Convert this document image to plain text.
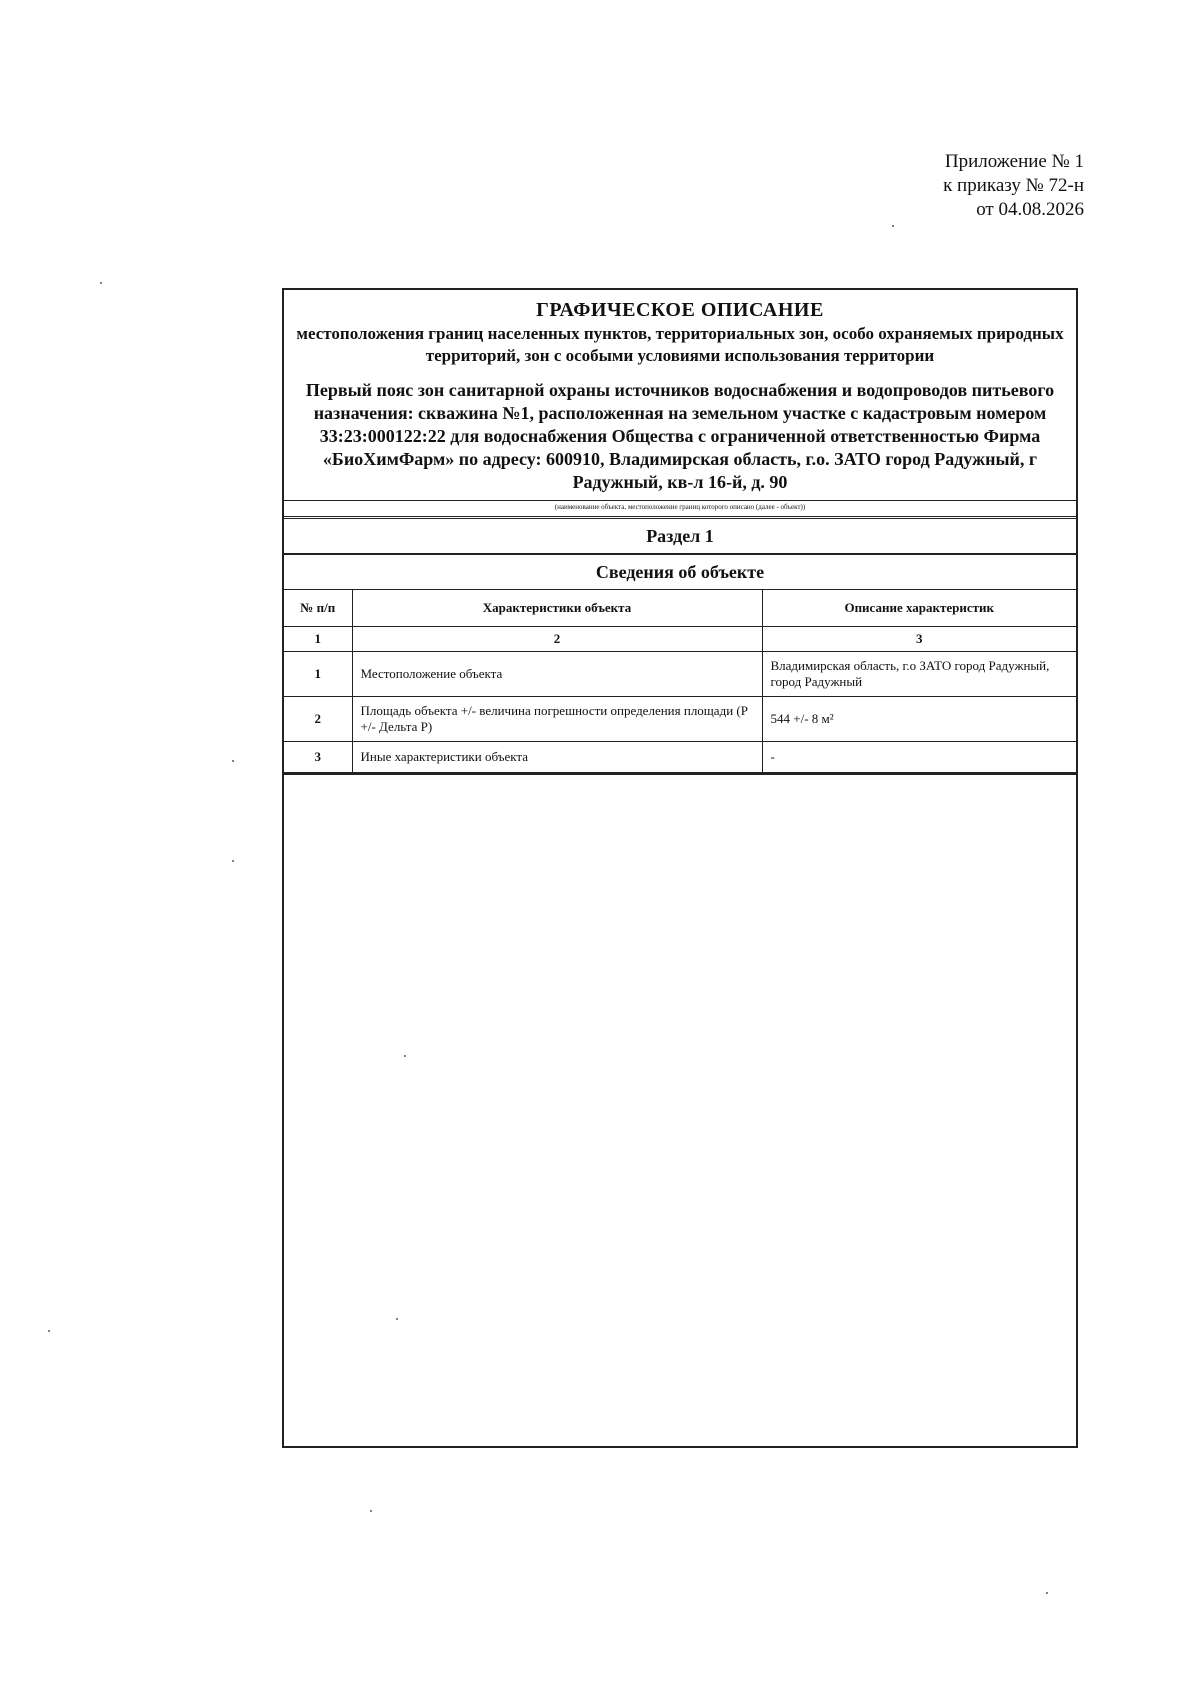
Приложение № 1
к приказу № 72-н
от 04.08.2026
ГРАФИЧЕСКОЕ ОПИСАНИЕ
местоположения границ населенных пунктов, территориальных зон, особо охраняемых природных территорий, зон с особыми условиями использования территории
Первый пояс зон санитарной охраны источников водоснабжения и водопроводов питьевого назначения: скважина №1, расположенная на земельном участке с кадастровым номером 33:23:000122:22 для водоснабжения Общества с ограниченной ответственностью Фирма «БиоХимФарм» по адресу: 600910, Владимирская область, г.о. ЗАТО город Радужный, г Радужный, кв-л 16-й, д. 90
(наименование объекта, местоположение границ которого описано (далее - объект))
Раздел 1
Сведения об объекте
№ п/п	Характеристики объекта	Описание характеристик
1	2	3
1	Местоположение объекта	Владимирская область, г.о ЗАТО город Радужный, город Радужный
2	Площадь объекта +/- величина погрешности определения площади (Р +/- Дельта Р)	544 +/- 8 м²
3	Иные характеристики объекта	-
